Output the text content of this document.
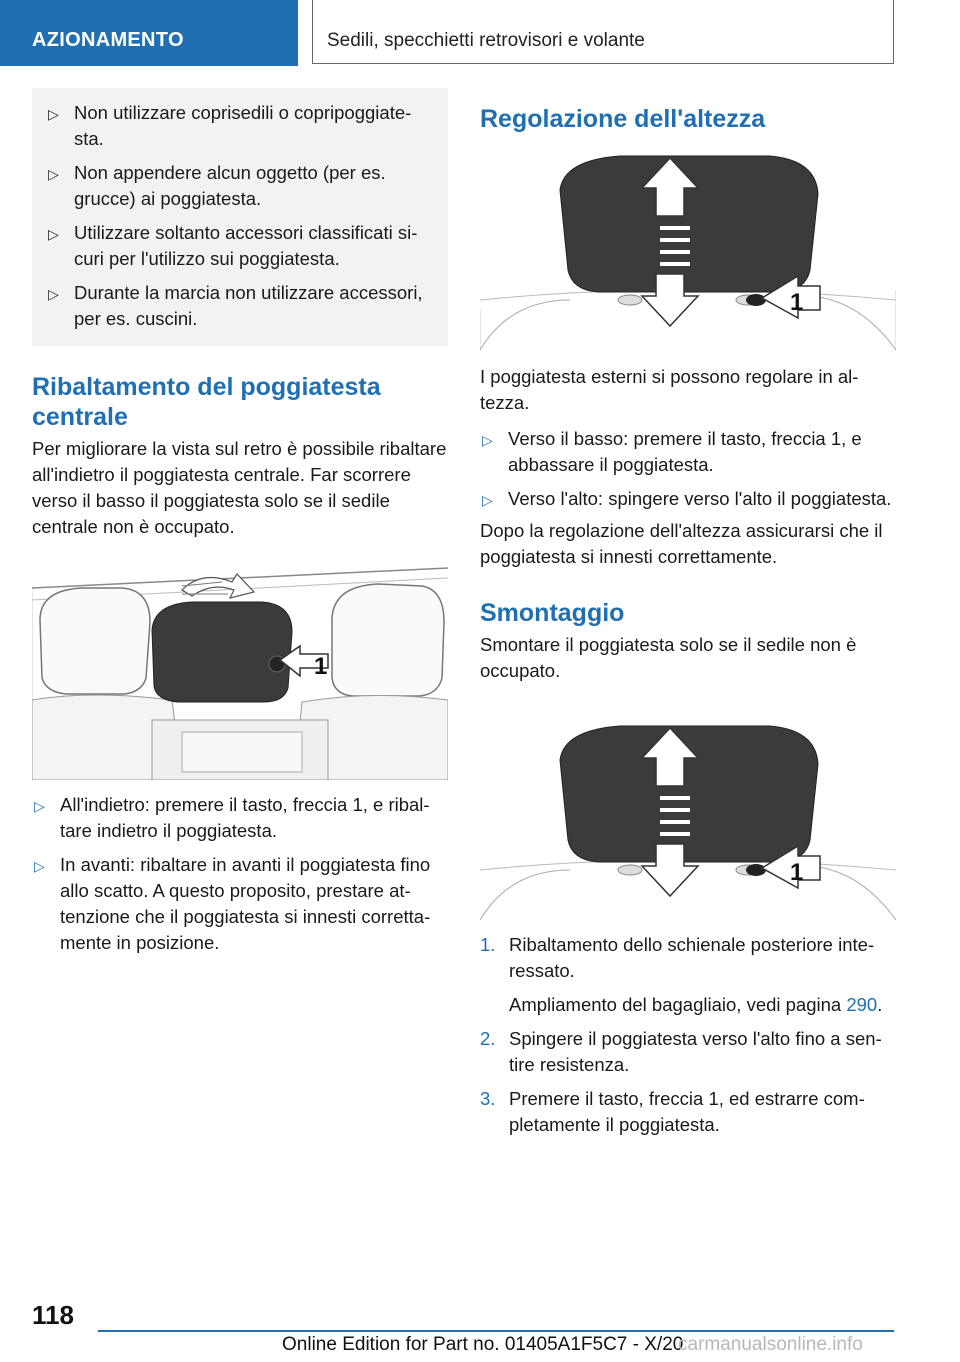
AZIONAMENTO	Sedili, specchietti retrovisori e volante
▷ Non utilizzare coprisedili o copripoggiatesta.
▷ Non appendere alcun oggetto (per es. grucce) ai poggiatesta.
▷ Utilizzare soltanto accessori classificati sicuri per l'utilizzo sui poggiatesta.
▷ Durante la marcia non utilizzare accessori, per es. cuscini.
Ribaltamento del poggiatesta centrale

Per migliorare la vista sul retro è possibile ribaltare all'indietro il poggiatesta centrale. Far scorrere verso il basso il poggiatesta solo se il sedile centrale non è occupato.

1
▷ All'indietro: premere il tasto, freccia 1, e ribaltare indietro il poggiatesta.
▷ In avanti: ribaltare in avanti il poggiatesta fino allo scatto. A questo proposito, prestare attenzione che il poggiatesta si innesti correttamente in posizione.
Regolazione dell'altezza
1

I poggiatesta esterni si possono regolare in altezza.

▷ Verso il basso: premere il tasto, freccia 1, e abbassare il poggiatesta.
▷ Verso l'alto: spingere verso l'alto il poggiatesta.

Dopo la regolazione dell'altezza assicurarsi che il poggiatesta si innesti correttamente.

Smontaggio

Smontare il poggiatesta solo se il sedile non è occupato.

1
1. Ribaltamento dello schienale posteriore interessato.
Ampliamento del bagagliaio, vedi pagina 290.
2. Spingere il poggiatesta verso l'alto fino a sentire resistenza.
3. Premere il tasto, freccia 1, ed estrarre completamente il poggiatesta.
118
Online Edition for Part no. 01405A1F5C7 - X/20
carmanualsonline.info
